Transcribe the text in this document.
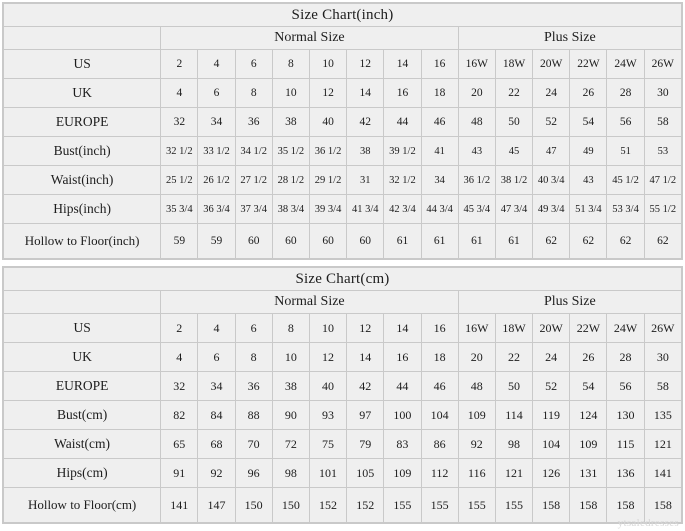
Size Chart(inch)														
	Normal Size								Plus Size					
US	2	4	6	8	10	12	14	16	16W	18W	20W	22W	24W	26W
UK	4	6	8	10	12	14	16	18	20	22	24	26	28	30
EUROPE	32	34	36	38	40	42	44	46	48	50	52	54	56	58
Bust(inch)	32 1/2	33 1/2	34 1/2	35 1/2	36 1/2	38	39 1/2	41	43	45	47	49	51	53
Waist(inch)	25 1/2	26 1/2	27 1/2	28 1/2	29 1/2	31	32 1/2	34	36 1/2	38 1/2	40 3/4	43	45 1/2	47 1/2
Hips(inch)	35 3/4	36 3/4	37 3/4	38 3/4	39 3/4	41 3/4	42 3/4	44 3/4	45 3/4	47 3/4	49 3/4	51 3/4	53 3/4	55 1/2
Hollow to Floor(inch)	59	59	60	60	60	60	61	61	61	61	62	62	62	62
Size Chart(cm)														
	Normal Size								Plus Size					
US	2	4	6	8	10	12	14	16	16W	18W	20W	22W	24W	26W
UK	4	6	8	10	12	14	16	18	20	22	24	26	28	30
EUROPE	32	34	36	38	40	42	44	46	48	50	52	54	56	58
Bust(cm)	82	84	88	90	93	97	100	104	109	114	119	124	130	135
Waist(cm)	65	68	70	72	75	79	83	86	92	98	104	109	115	121
Hips(cm)	91	92	96	98	101	105	109	112	116	121	126	131	136	141
Hollow to Floor(cm)	141	147	150	150	152	152	155	155	155	155	158	158	158	158
ytsaledresses
